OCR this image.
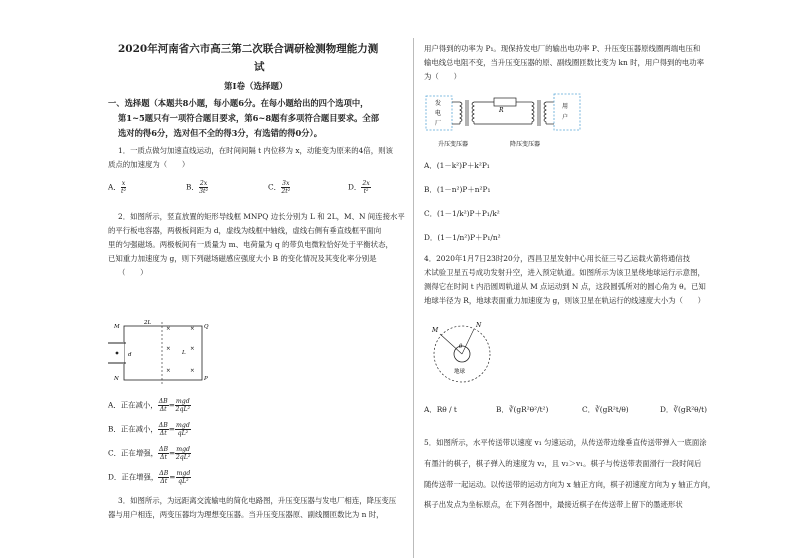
2020年河南省六市高三第二次联合调研检测物理能力测
试
第Ⅰ卷（选择题）
一、选择题（本题共8小题，每小题6分。在每小题给出的四个选项中，
第1~5题只有一项符合题目要求，第6~8题有多项符合题目要求。全部
选对的得6分，选对但不全的得3分，有选错的得0分）。
1．一质点做匀加速直线运动，在时间间隔 t 内位移为 x，动能变为原来的4倍，则该
质点的加速度为（　　）
A． $\frac{x}{\text{t²}}$	B． $\frac{2x}{\text{3t²}}$	C． $\frac{3x}{\text{2t²}}$	D． $\frac{2x}{\text{t²}}$
2．如图所示，竖直放置的矩形导线框 MNPQ 边长分别为 L 和 2L，M、N 间连接水平
的平行板电容器，两极板间距为 d，虚线为线框中轴线，虚线右侧有垂直线框平面向
里的匀强磁场。两极板间有一质量为 m、电荷量为 q 的带负电微粒恰好处于平衡状态，
已知重力加速度为 g，则下列磁场磁感应强度大小 B 的变化情况及其变化率分别是
（　　）
×	×
×	×
×	×
2L
Q
M
N	P
L
d
A．正在减小， $\frac{\Delta B}{\Delta t} = \frac{\text{mgd}}{\text{2qL²}}$
B．正在减小， $\frac{\Delta B}{\Delta t} = \frac{\text{mgd}}{\text{qL²}}$
C．正在增强， $\frac{\Delta B}{\Delta t} = \frac{\text{mgd}}{\text{2qL²}}$
D．正在增强， $\frac{\Delta B}{\Delta t} = \frac{\text{mgd}}{\text{qL²}}$
3．如图所示，为远距离交流输电的简化电路图，升压变压器与发电厂相连，降压变压
器与用户相连，两变压器均为理想变压器。当升压变压器原、副线圈匝数比为 n 时，
用户得到的功率为 P₁。现保持发电厂的输出电功率 P、升压变压器原线圈两端电压和
输电线总电阻不变，当升压变压器的原、副线圈匝数比变为 kn 时，用户得到的电功率
为（　　）
发
电
厂
R
用
户
升压变压器	降压变压器
A．(1－k²)P＋k²P₁
B．(1－n²)P＋n²P₁
C．(1－1/k²)P＋P₁/k²
D．(1－1/n²)P＋P₁/n²
4．2020年1月7日23时20分，西昌卫星发射中心用长征三号乙运载火箭将通信技
术试验卫星五号成功发射升空，进入预定轨道。如图所示为该卫星绕地球运行示意图，
测得它在时间 t 内沿圆周轨道从 M 点运动到 N 点，这段圆弧所对的圆心角为 θ。已知
地球半径为 R，地球表面重力加速度为 g，则该卫星在轨运行的线速度大小为（　　）
M
N
θ
地球
A．Rθ / t	B．∛(gR²θ²/t²)	C．∛(gR²t/θ)	D．∛(gR²θ/t)
5．如图所示，水平传送带以速度 v₁ 匀速运动，从传送带边缘垂直传送带弹入一底面涂
有墨汁的棋子，棋子弹入的速度为 v₂，且 v₂＞v₁。棋子与传送带表面滑行一段时间后
随传送带一起运动。以传送带的运动方向为 x 轴正方向，棋子初速度方向为 y 轴正方向，
棋子出发点为坐标原点，在下列各图中，最接近棋子在传送带上留下的墨迹形状
